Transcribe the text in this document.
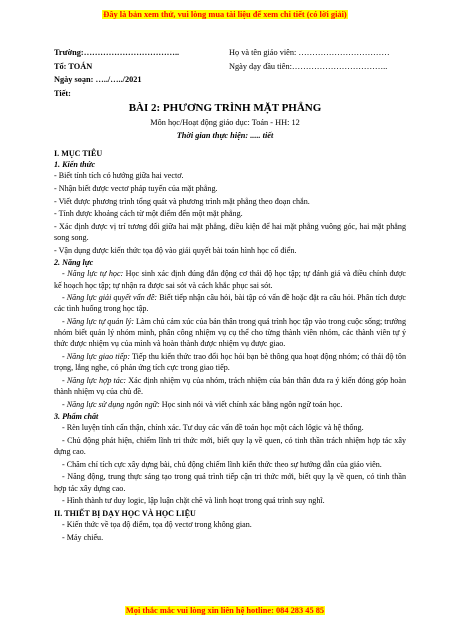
Đây là bản xem thử, vui lòng mua tài liệu để xem chi tiết (có lời giải)
Trường:……………………………..	Họ và tên giáo viên: ……………………………
Tổ: TOÁN	Ngày dạy đầu tiên:……………………………..
Ngày soạn: …../…../2021
Tiết:
BÀI 2: PHƯƠNG TRÌNH MẶT PHẲNG
Môn học/Hoạt động giáo dục: Toán - HH: 12
Thời gian thực hiện: ..... tiết
I. MỤC TIÊU
1. Kiến thức

- Biết tính tích có hướng giữa hai vectơ.

- Nhận biết được vectơ pháp tuyến của mặt phẳng.

- Viết được phương trình tổng quát và phương trình mặt phẳng theo đoạn chắn.

- Tính được khoảng cách từ một điểm đến một mặt phẳng.

- Xác định được vị trí tương đối giữa hai mặt phẳng, điều kiện để hai mặt phẳng vuông góc, hai mặt phẳng song song.

- Vận dụng được kiến thức tọa độ vào giải quyết bài toán hình học cổ điển.

2. Năng lực

- Năng lực tự học: Học sinh xác định đúng đắn động cơ thái độ học tập; tự đánh giá và điều chỉnh được kế hoạch học tập; tự nhận ra được sai sót và cách khắc phục sai sót.

- Năng lực giải quyết vấn đề: Biết tiếp nhận câu hỏi, bài tập có vấn đề hoặc đặt ra câu hỏi. Phân tích được các tình huống trong học tập.

- Năng lực tự quản lý: Làm chủ cảm xúc của bản thân trong quá trình học tập vào trong cuộc sống; trưởng nhóm biết quản lý nhóm mình, phân công nhiệm vụ cụ thể cho từng thành viên nhóm, các thành viên tự ý thức được nhiệm vụ của mình và hoàn thành được nhiệm vụ được giao.

- Năng lực giao tiếp: Tiếp thu kiến thức trao đổi học hỏi bạn bè thông qua hoạt động nhóm; có thái độ tôn trọng, lắng nghe, có phản ứng tích cực trong giao tiếp.

- Năng lực hợp tác: Xác định nhiệm vụ của nhóm, trách nhiệm của bản thân đưa ra ý kiến đóng góp hoàn thành nhiệm vụ của chủ đề.

- Năng lực sử dụng ngôn ngữ: Học sinh nói và viết chính xác bằng ngôn ngữ toán học.

3. Phẩm chất

- Rèn luyện tính cẩn thận, chính xác. Tư duy các vấn đề toán học một cách lôgic và hệ thống.

- Chủ động phát hiện, chiếm lĩnh tri thức mới, biết quy lạ về quen, có tinh thần trách nhiệm hợp tác xây dựng cao.

- Chăm chỉ tích cực xây dựng bài, chủ động chiếm lĩnh kiến thức theo sự hướng dẫn của giáo viên.

- Năng động, trung thực sáng tạo trong quá trình tiếp cận tri thức mới, biết quy lạ về quen, có tinh thần hợp tác xây dựng cao.

- Hình thành tư duy logic, lập luận chặt chẽ và linh hoạt trong quá trình suy nghĩ.

II. THIẾT BỊ DẠY HỌC VÀ HỌC LIỆU

- Kiến thức về tọa độ điểm, tọa độ vectơ trong không gian.

- Máy chiếu.

Mọi thắc mắc vui lòng xin liên hệ hotline: 084 283 45 85
